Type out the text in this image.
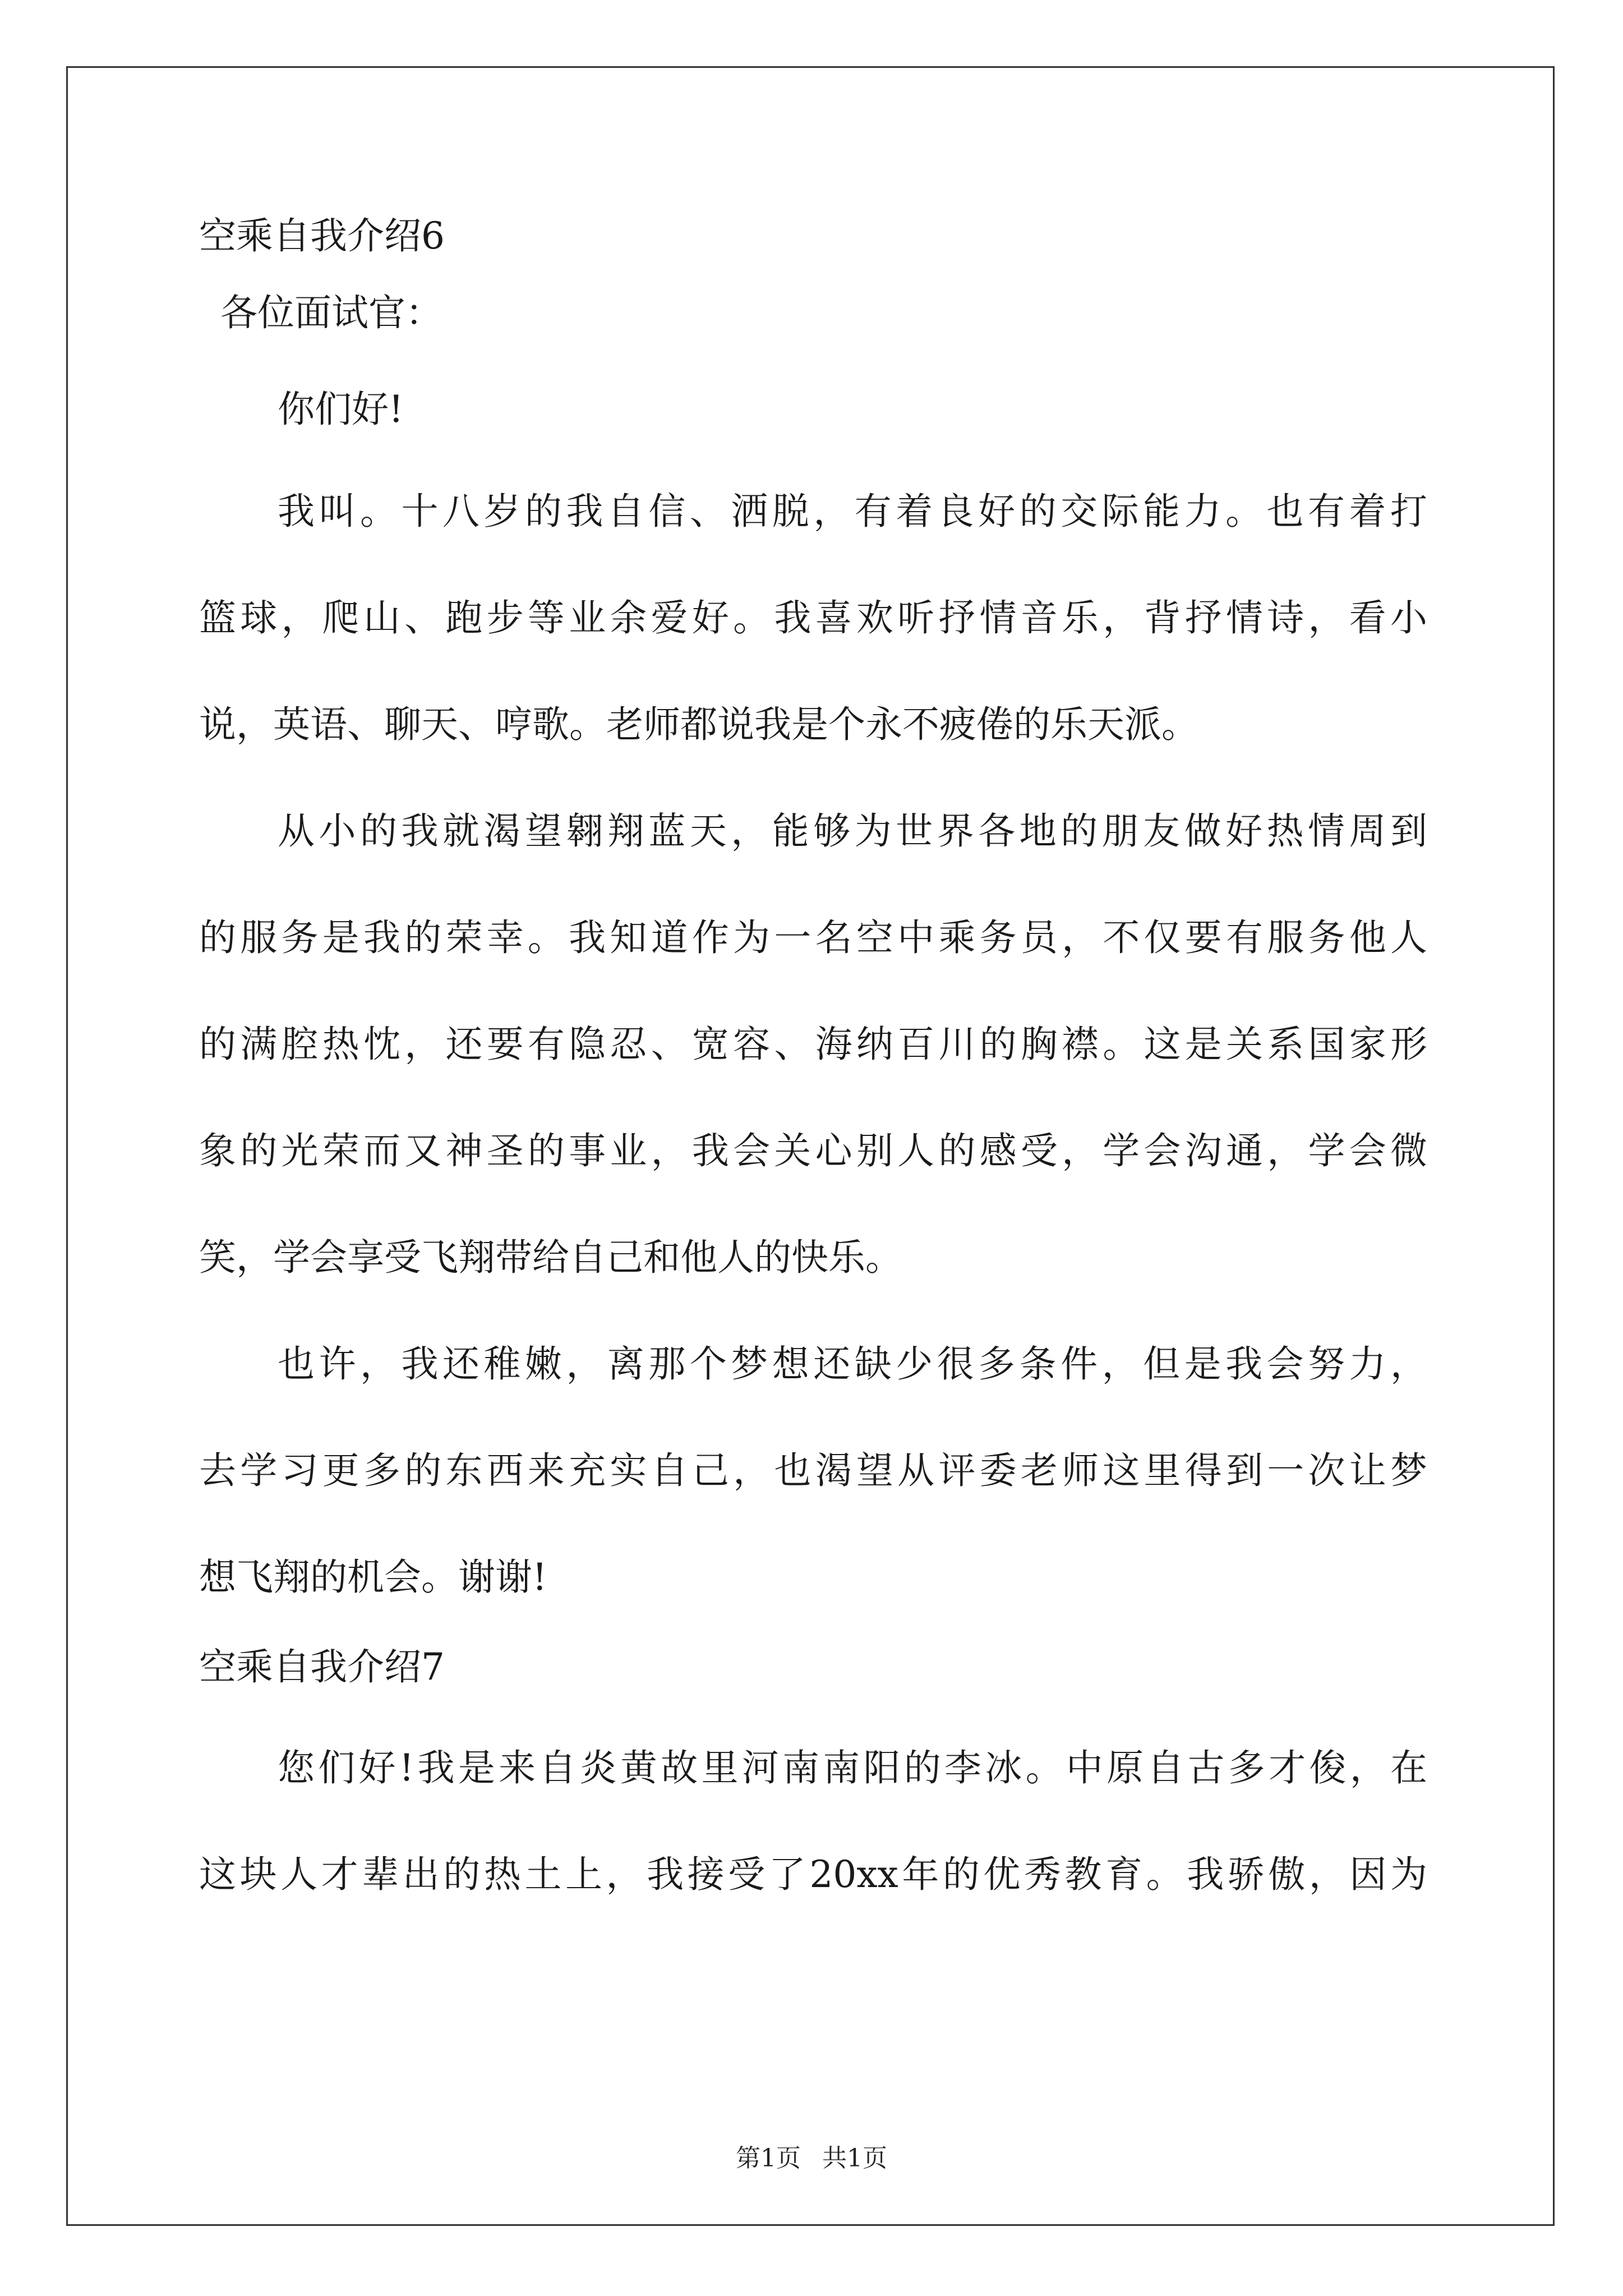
空乘自我介绍6

各位面试官：

你们好!

我叫。十八岁的我自信、洒脱，有着良好的交际能力。也有着打

篮球，爬山、跑步等业余爱好。我喜欢听抒情音乐，背抒情诗，看小

说，英语、聊天、哼歌。老师都说我是个永不疲倦的乐天派。

从小的我就渴望翱翔蓝天，能够为世界各地的朋友做好热情周到

的服务是我的荣幸。我知道作为一名空中乘务员，不仅要有服务他人

的满腔热忱，还要有隐忍、宽容、海纳百川的胸襟。这是关系国家形

象的光荣而又神圣的事业，我会关心别人的感受，学会沟通，学会微

笑，学会享受飞翔带给自己和他人的快乐。

也许，我还稚嫩，离那个梦想还缺少很多条件，但是我会努力，

去学习更多的东西来充实自己，也渴望从评委老师这里得到一次让梦

想飞翔的机会。谢谢!

空乘自我介绍7

您们好!我是来自炎黄故里河南南阳的李冰。中原自古多才俊，在

这块人才辈出的热土上，我接受了20xx年的优秀教育。我骄傲，因为

第1页 共1页
